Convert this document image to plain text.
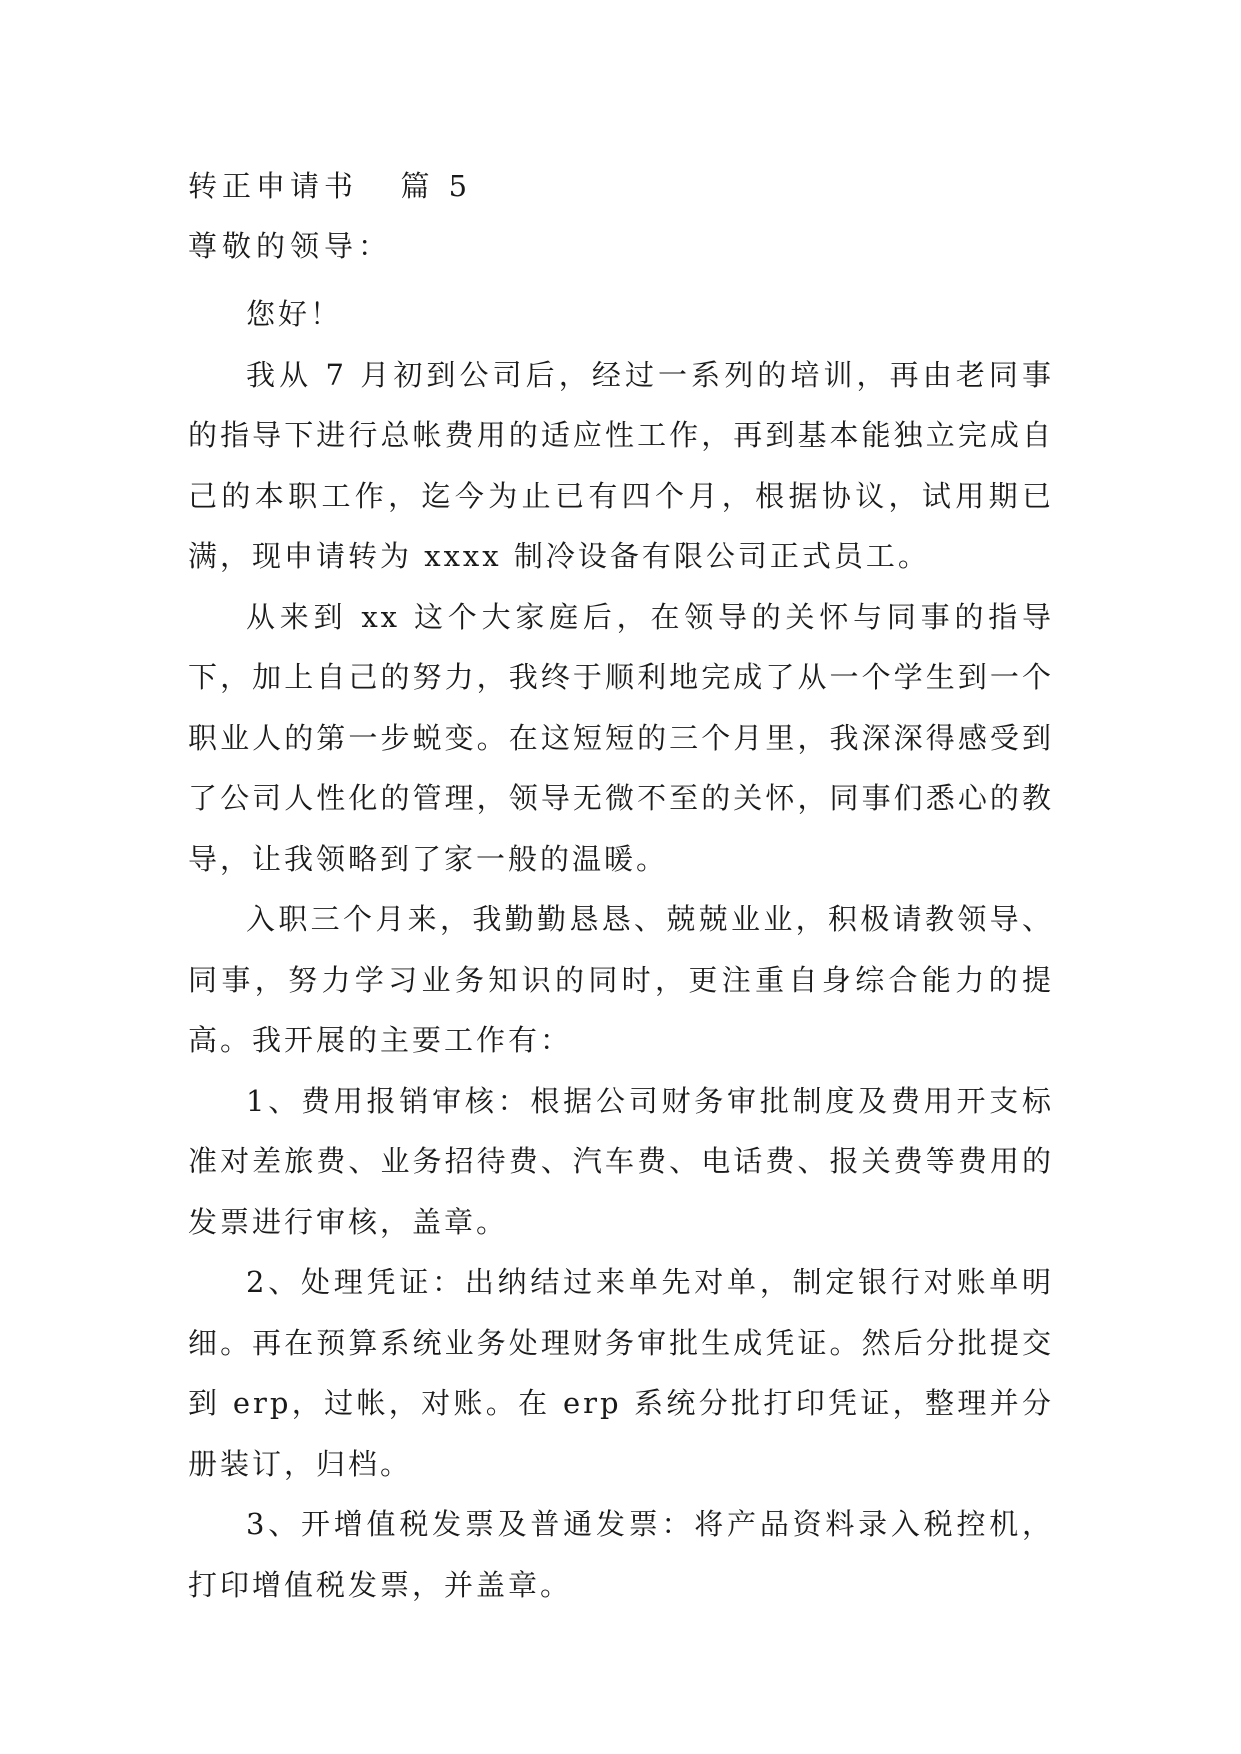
转正申请书 篇 5
尊敬的领导：

您好！

我从 7 月初到公司后，经过一系列的培训，再由老同事的指导下进行总帐费用的适应性工作，再到基本能独立完成自己的本职工作，迄今为止已有四个月，根据协议，试用期已满，现申请转为 xxxx 制冷设备有限公司正式员工。

从来到 xx 这个大家庭后，在领导的关怀与同事的指导下，加上自己的努力，我终于顺利地完成了从一个学生到一个职业人的第一步蜕变。在这短短的三个月里，我深深得感受到了公司人性化的管理，领导无微不至的关怀，同事们悉心的教导，让我领略到了家一般的温暖。

入职三个月来，我勤勤恳恳、兢兢业业，积极请教领导、同事，努力学习业务知识的同时，更注重自身综合能力的提高。我开展的主要工作有：

1、费用报销审核：根据公司财务审批制度及费用开支标准对差旅费、业务招待费、汽车费、电话费、报关费等费用的发票进行审核，盖章。

2、处理凭证：出纳结过来单先对单，制定银行对账单明细。再在预算系统业务处理财务审批生成凭证。然后分批提交到 erp，过帐，对账。在 erp 系统分批打印凭证，整理并分册装订，归档。

3、开增值税发票及普通发票：将产品资料录入税控机，打印增值税发票，并盖章。
